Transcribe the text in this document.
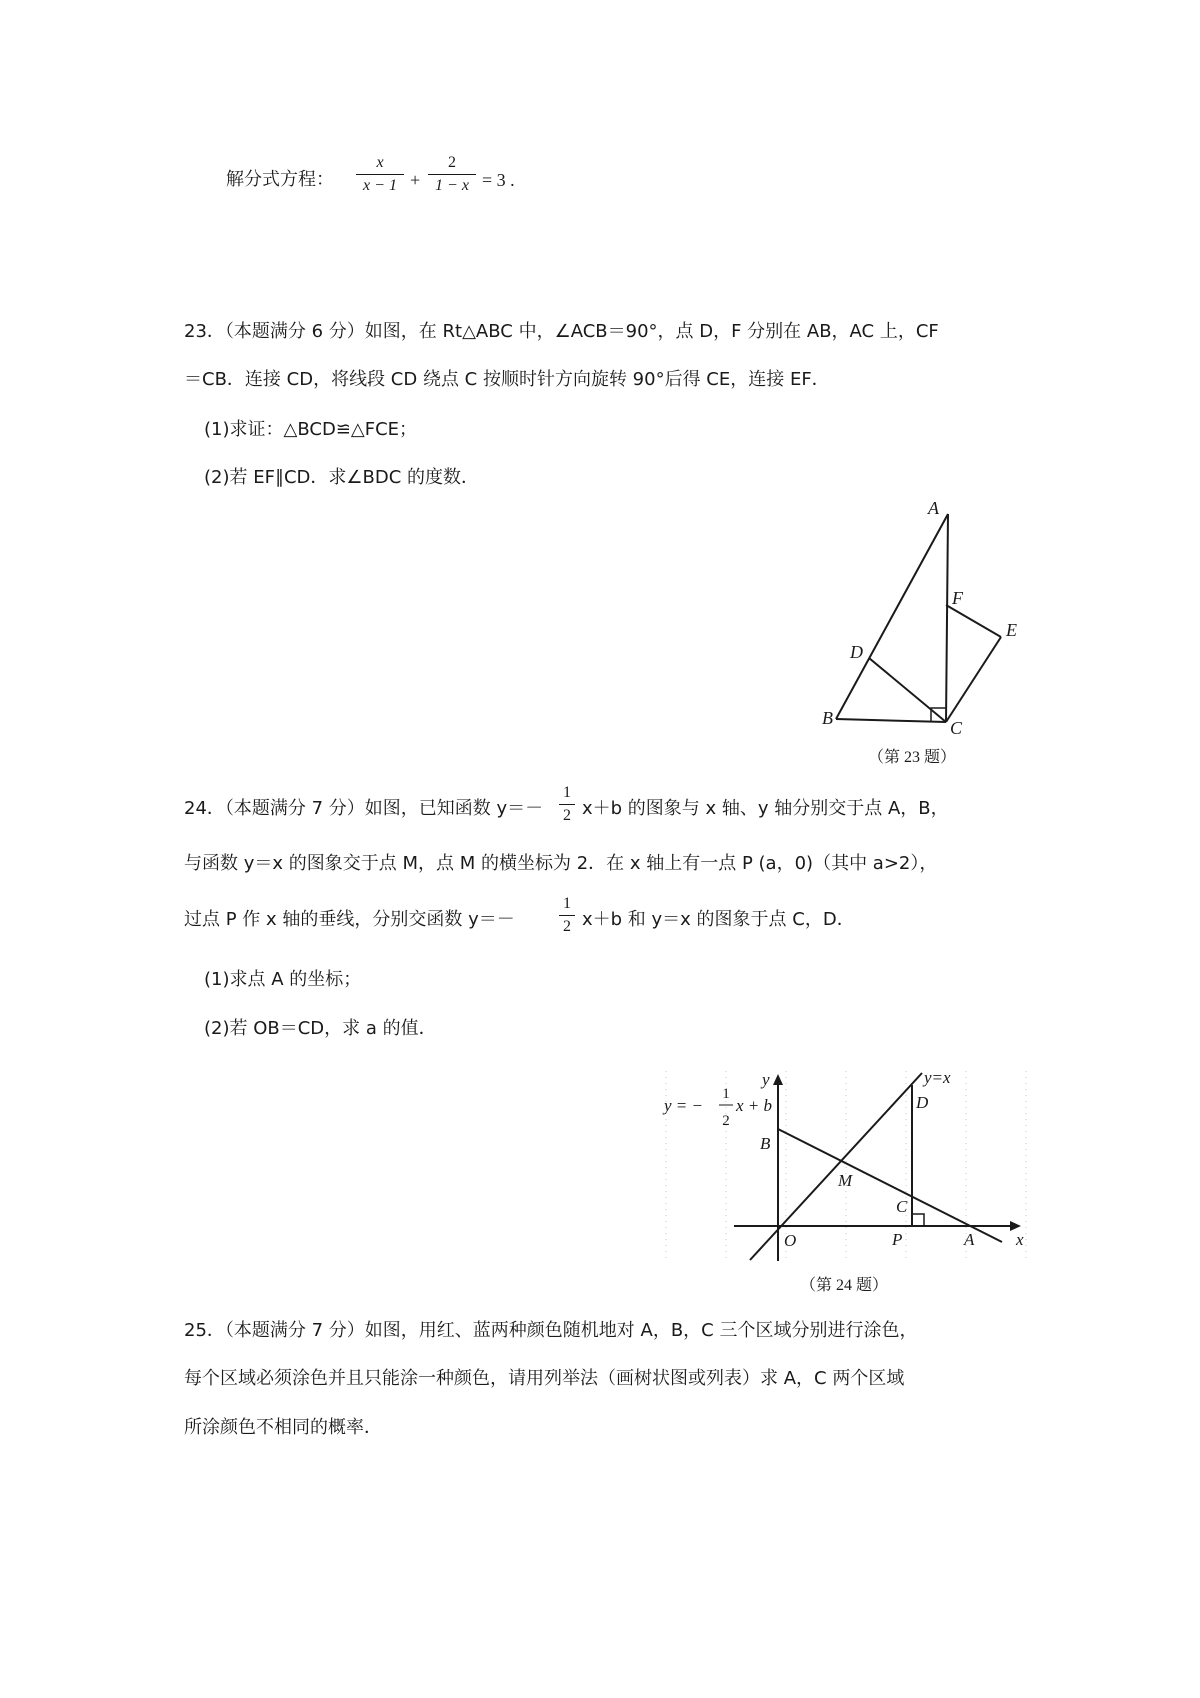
解分式方程：
x
x − 1 +
2
1 − x = 3 .
23．（本题满分 6 分）如图，在 Rt△ABC 中，∠ACB＝90°，点 D，F 分别在 AB，AC 上，CF
＝CB．连接 CD，将线段 CD 绕点 C 按顺时针方向旋转 90°后得 CE，连接 EF．
(1)求证：△BCD≌△FCE；
(2)若 EF∥CD．求∠BDC 的度数．
A
B	C
D
E
F
（第 23 题）
24．（本题满分 7 分）如图，已知函数 y＝－
1
2 x＋b 的图象与 x 轴、y 轴分别交于点 A，B，
与函数 y＝x 的图象交于点 M，点 M 的横坐标为 2．在 x 轴上有一点 P (a，0)（其中 a>2），
过点 P 作 x 轴的垂线，分别交函数 y＝－
1
2 x＋b 和 y＝x 的图象于点 C，D．
(1)求点 A 的坐标；
(2)若 OB＝CD，求 a 的值．
y
x
O
B
M
D
C
P	A
y=x
y = − x + b
1
2
（第 24 题）
25．（本题满分 7 分）如图，用红、蓝两种颜色随机地对 A，B，C 三个区域分别进行涂色，
每个区域必须涂色并且只能涂一种颜色，请用列举法（画树状图或列表）求 A，C 两个区域
所涂颜色不相同的概率．
